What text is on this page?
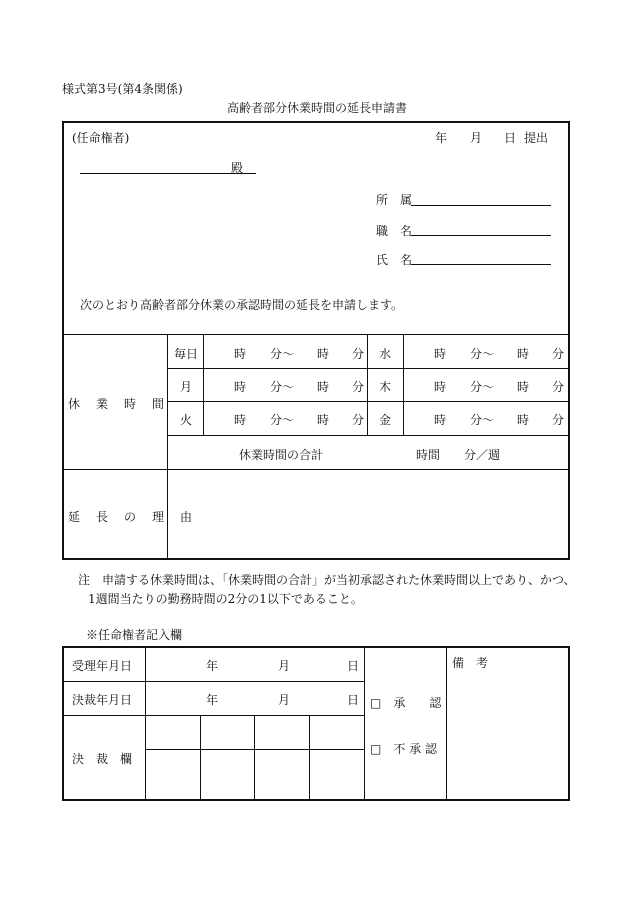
様式第3号(第4条関係)
高齢者部分休業時間の延長申請書
(任命権者)	年 月 日 提出
殿
所　属
職　名
氏　名
次のとおり高齢者部分休業の承認時間の延長を申請します。
休　業　時　間
毎日	時 分〜 時 分 水	時 分〜 時 分
月	時 分〜 時 分 木	時 分〜 時 分
火	時 分〜 時 分 金	時 分〜 時 分
休業時間の合計	時間 分／週
延　長　の　理　由
注　申請する休業時間は、「休業時間の合計」が当初承認された休業時間以上であり、かつ、
1週間当たりの勤務時間の2分の1以下であること。
※任命権者記入欄
受理年月日	年	月	日
決裁年月日	年	月	日
決　裁　欄
□　承　　認
□　不 承 認
備　考
